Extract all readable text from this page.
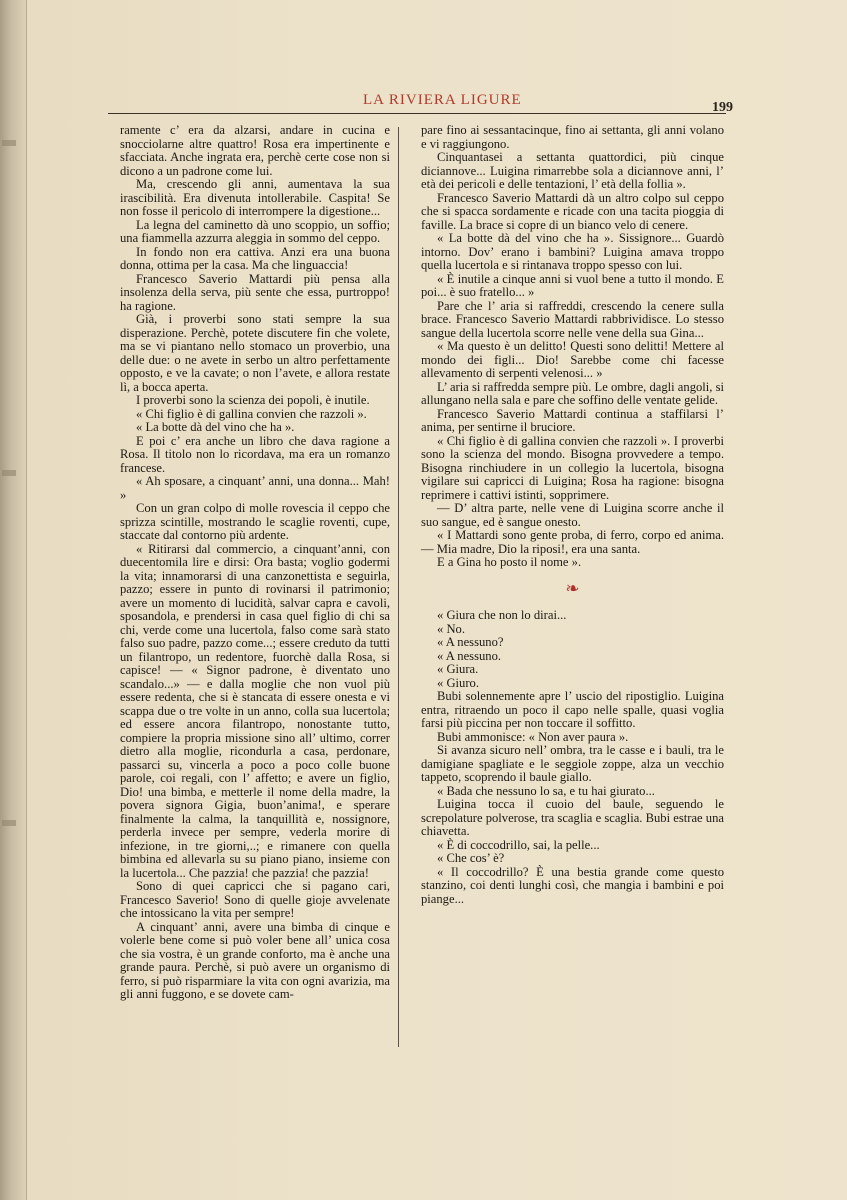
LA RIVIERA LIGURE	199

ramente c’ era da alzarsi, andare in cucina e snocciolarne altre quattro! Rosa era impertinente e sfacciata. Anche ingrata era, perchè certe cose non si dicono a un padrone come lui.

Ma, crescendo gli anni, aumentava la sua irascibilità. Era divenuta intollerabile. Caspita! Se non fosse il pericolo di interrompere la digestione...

La legna del caminetto dà uno scoppio, un soffio; una fiammella azzurra aleggia in sommo del ceppo.

In fondo non era cattiva. Anzi era una buona donna, ottima per la casa. Ma che linguaccia!

Francesco Saverio Mattardi più pensa alla insolenza della serva, più sente che essa, purtroppo! ha ragione.

Già, i proverbi sono stati sempre la sua disperazione. Perchè, potete discutere fin che volete, ma se vi piantano nello stomaco un proverbio, una delle due: o ne avete in serbo un altro perfettamente opposto, e ve la cavate; o non l’avete, e allora restate lì, a bocca aperta.

I proverbi sono la scienza dei popoli, è inutile.

« Chi figlio è di gallina convien che razzoli ».

« La botte dà del vino che ha ».

E poi c’ era anche un libro che dava ragione a Rosa. Il titolo non lo ricordava, ma era un romanzo francese.

« Ah sposare, a cinquant’ anni, una donna... Mah! »

Con un gran colpo di molle rovescia il ceppo che sprizza scintille, mostrando le scaglie roventi, cupe, staccate dal contorno più ardente.

« Ritirarsi dal commercio, a cinquant’anni, con duecentomila lire e dirsi: Ora basta; voglio godermi la vita; innamorarsi di una canzonettista e seguirla, pazzo; essere in punto di rovinarsi il patrimonio; avere un momento di lucidità, salvar capra e cavoli, sposandola, e prendersi in casa quel figlio di chi sa chi, verde come una lucertola, falso come sarà stato falso suo padre, pazzo come...; essere creduto da tutti un filantropo, un redentore, fuorchè dalla Rosa, si capisce! — « Signor padrone, è diventato uno scandalo...» — e dalla moglie che non vuol più essere redenta, che si è stancata di essere onesta e vi scappa due o tre volte in un anno, colla sua lucertola; ed essere ancora filantropo, nonostante tutto, compiere la propria missione sino all’ ultimo, correr dietro alla moglie, ricondurla a casa, perdonare, passarci su, vincerla a poco a poco colle buone parole, coi regali, con l’ affetto; e avere un figlio, Dio! una bimba, e metterle il nome della madre, la povera signora Gigia, buon’anima!, e sperare finalmente la calma, la tanquillità e, nossignore, perderla invece per sempre, vederla morire di infezione, in tre giorni,..; e rimanere con quella bimbina ed allevarla su su piano piano, insieme con la lucertola... Che pazzia! che pazzia! che pazzia!

Sono di quei capricci che si pagano cari, Francesco Saverio! Sono di quelle gioje avvelenate che intossicano la vita per sempre!

A cinquant’ anni, avere una bimba di cinque e volerle bene come si può voler bene all’ unica cosa che sia vostra, è un grande conforto, ma è anche una grande paura. Perchè, si può avere un organismo di ferro, si può risparmiare la vita con ogni avarizia, ma gli anni fuggono, e se dovete cam-

pare fino ai sessantacinque, fino ai settanta, gli anni volano e vi raggiungono.

Cinquantasei a settanta quattordici, più cinque diciannove... Luigina rimarrebbe sola a diciannove anni, l’ età dei pericoli e delle tentazioni, l’ età della follia ».

Francesco Saverio Mattardi dà un altro colpo sul ceppo che si spacca sordamente e ricade con una tacita pioggia di faville. La brace si copre di un bianco velo di cenere.

« La botte dà del vino che ha ». Sissignore... Guardò intorno. Dov’ erano i bambini? Luigina amava troppo quella lucertola e si rintanava troppo spesso con lui.

« È inutile a cinque anni si vuol bene a tutto il mondo. E poi... è suo fratello... »

Pare che l’ aria si raffreddi, crescendo la cenere sulla brace. Francesco Saverio Mattardi rabbrividisce. Lo stesso sangue della lucertola scorre nelle vene della sua Gina...

« Ma questo è un delitto! Questi sono delitti! Mettere al mondo dei figli... Dio! Sarebbe come chi facesse allevamento di serpenti velenosi... »

L’ aria si raffredda sempre più. Le ombre, dagli angoli, si allungano nella sala e pare che soffino delle ventate gelide.

Francesco Saverio Mattardi continua a staffilarsi l’ anima, per sentirne il bruciore.

« Chi figlio è di gallina convien che razzoli ». I proverbi sono la scienza del mondo. Bisogna provvedere a tempo. Bisogna rinchiudere in un collegio la lucertola, bisogna vigilare sui capricci di Luigina; Rosa ha ragione: bisogna reprimere i cattivi istinti, sopprimere.

— D’ altra parte, nelle vene di Luigina scorre anche il suo sangue, ed è sangue onesto.

« I Mattardi sono gente proba, di ferro, corpo ed anima. — Mia madre, Dio la riposi!, era una santa.

E a Gina ho posto il nome ».

❧

« Giura che non lo dirai...

« No.

« A nessuno?

« A nessuno.

« Giura.

« Giuro.

Bubi solennemente apre l’ uscio del ripostiglio. Luigina entra, ritraendo un poco il capo nelle spalle, quasi voglia farsi più piccina per non toccare il soffitto.

Bubi ammonisce: « Non aver paura ».

Si avanza sicuro nell’ ombra, tra le casse e i bauli, tra le damigiane spagliate e le seggiole zoppe, alza un vecchio tappeto, scoprendo il baule giallo.

« Bada che nessuno lo sa, e tu hai giurato...

Luigina tocca il cuoio del baule, seguendo le screpolature polverose, tra scaglia e scaglia. Bubi estrae una chiavetta.

« È di coccodrillo, sai, la pelle...

« Che cos’ è?

« Il coccodrillo? È una bestia grande come questo stanzino, coi denti lunghi così, che mangia i bambini e poi piange...
